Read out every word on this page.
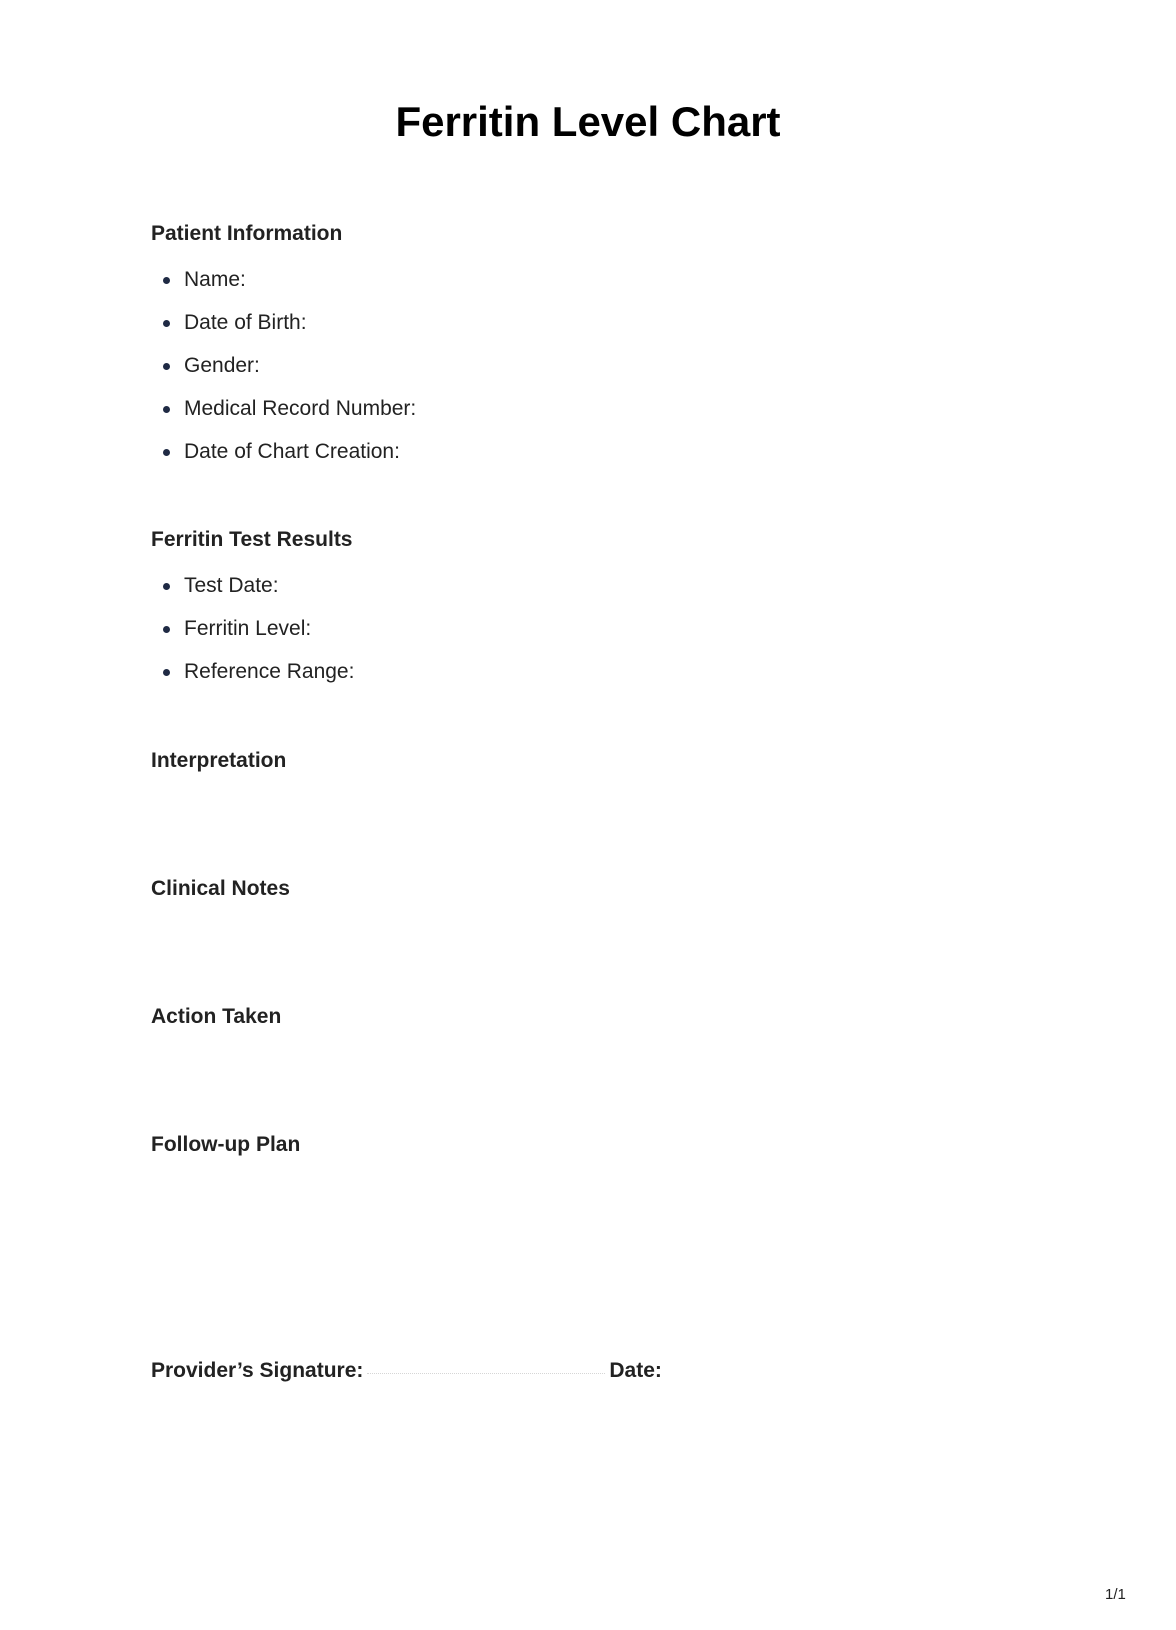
Ferritin Level Chart
Patient Information
Name:
Date of Birth:
Gender:
Medical Record Number:
Date of Chart Creation:
Ferritin Test Results
Test Date:
Ferritin Level:
Reference Range:
Interpretation
Clinical Notes
Action Taken
Follow-up Plan
Provider’s Signature:	Date:
1/1
